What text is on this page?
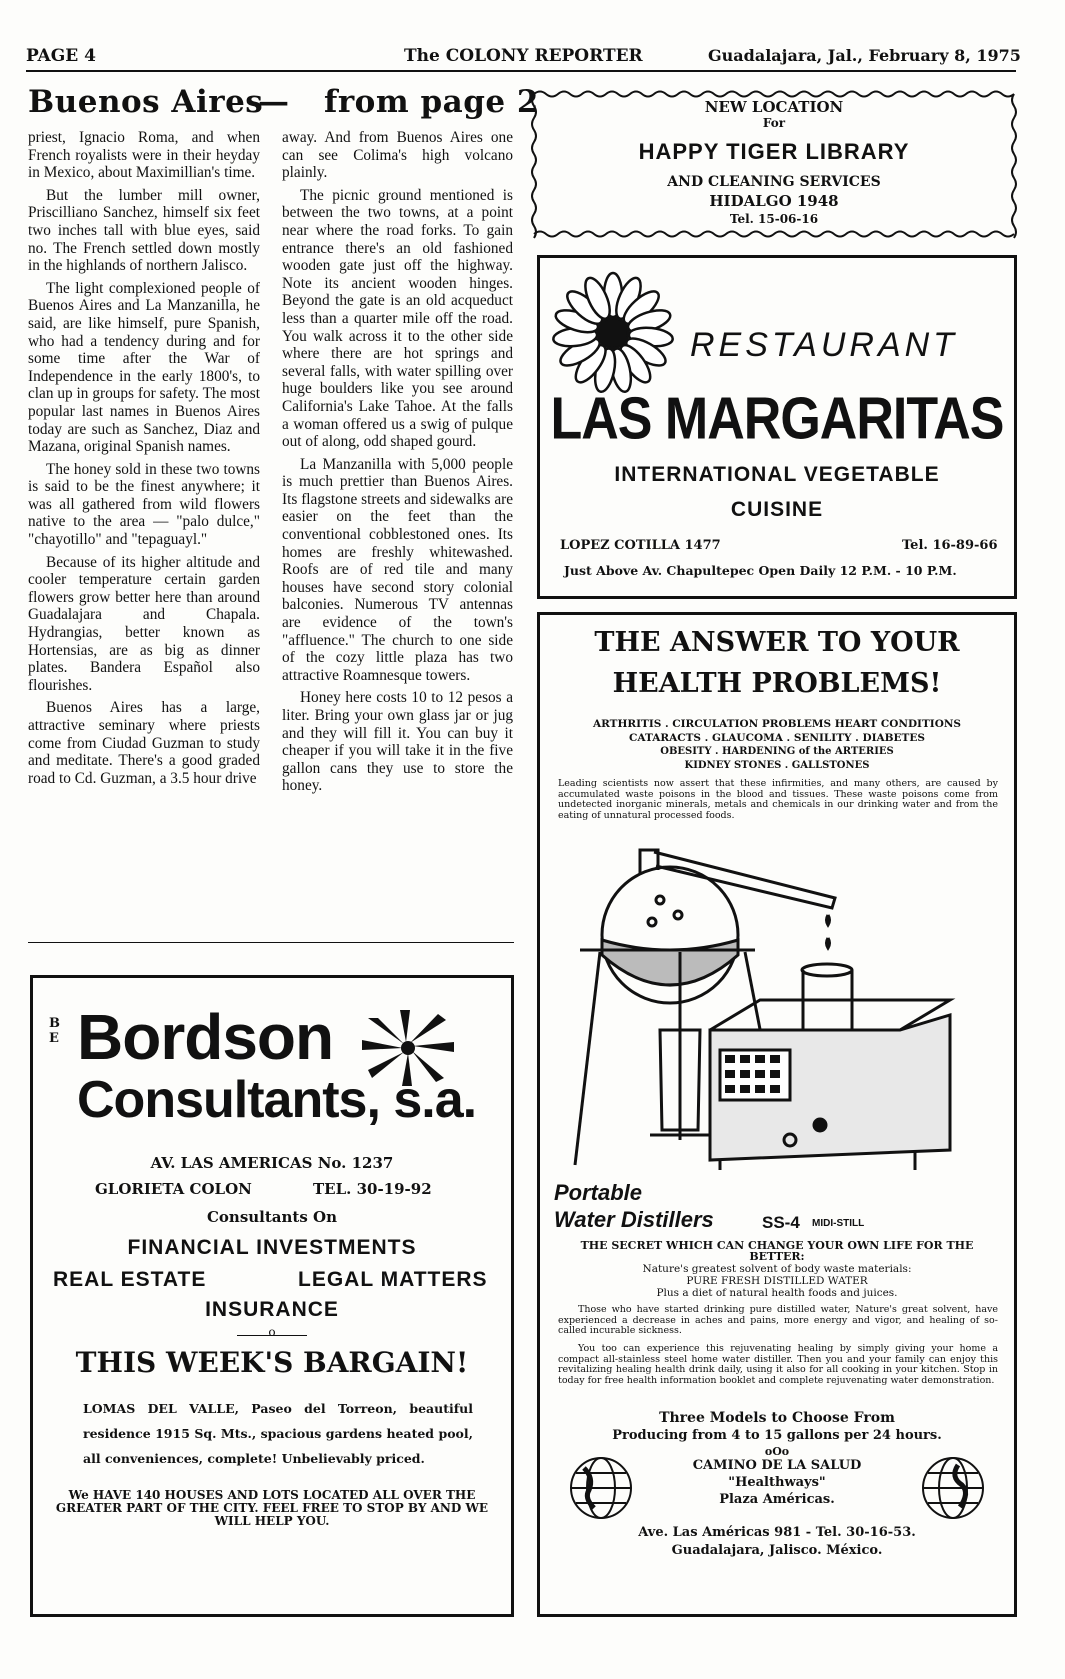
PAGE 4	The COLONY REPORTER	Guadalajara, Jal., February 8, 1975
Buenos Aires
— from page 2

priest, Ignacio Roma, and when French royalists were in their heyday in Mexico, about Maximillian's time.

But the lumber mill owner, Priscilliano Sanchez, himself six feet two inches tall with blue eyes, said no. The French settled down mostly in the highlands of northern Jalisco.

The light complexioned people of Buenos Aires and La Manzanilla, he said, are like himself, pure Spanish, who had a tendency during and for some time after the War of Independence in the early 1800's, to clan up in groups for safety. The most popular last names in Buenos Aires today are such as Sanchez, Diaz and Mazana, original Spanish names.

The honey sold in these two towns is said to be the finest anywhere; it was all gathered from wild flowers native to the area — "palo dulce," "chayotillo" and "tepaguayl."

Because of its higher altitude and cooler temperature certain garden flowers grow better here than around Guadalajara and Chapala. Hydrangias, better known as Hortensias, are as big as dinner plates. Bandera Español also flourishes.

Buenos Aires has a large, attractive seminary where priests come from Ciudad Guzman to study and meditate. There's a good graded road to Cd. Guzman, a 3.5 hour drive

away. And from Buenos Aires one can see Colima's high volcano plainly.

The picnic ground mentioned is between the two towns, at a point near where the road forks. To gain entrance there's an old fashioned wooden gate just off the highway. Note its ancient wooden hinges. Beyond the gate is an old acqueduct less than a quarter mile off the road. You walk across it to the other side where there are hot springs and several falls, with water spilling over huge boulders like you see around California's Lake Tahoe. At the falls a woman offered us a swig of pulque out of along, odd shaped gourd.

La Manzanilla with 5,000 people is much prettier than Buenos Aires. Its flagstone streets and sidewalks are easier on the feet than the conventional cobblestoned ones. Its homes are freshly whitewashed. Roofs are of red tile and many houses have second story colonial balconies. Numerous TV antennas are evidence of the town's "affluence." The church to one side of the cozy little plaza has two attractive Roamnesque towers.

Honey here costs 10 to 12 pesos a liter. Bring your own glass jar or jug and they will fill it. You can buy it cheaper if you will take it in the five gallon cans they use to store the honey.

NEW LOCATION
For
HAPPY TIGER LIBRARY
AND CLEANING SERVICES
HIDALGO 1948
Tel. 15-06-16
RESTAURANT
LAS MARGARITAS
INTERNATIONAL VEGETABLE
CUISINE
LOPEZ COTILLA 1477	Tel. 16-89-66
Just Above Av. Chapultepec Open Daily 12 P.M. - 10 P.M.
THE ANSWER TO YOUR
HEALTH PROBLEMS!
ARTHRITIS . CIRCULATION PROBLEMS HEART CONDITIONS
CATARACTS . GLAUCOMA . SENILITY . DIABETES
OBESITY . HARDENING of the ARTERIES
KIDNEY STONES . GALLSTONES
Leading scientists now assert that these infirmities, and many others, are caused by accumulated waste poisons in the blood and tissues. These waste poisons come from undetected inorganic minerals, metals and chemicals in our drinking water and from the eating of unnatural processed foods.
Portable
Water Distillers	SS-4 MIDI-STILL
THE SECRET WHICH CAN CHANGE YOUR OWN LIFE FOR THE BETTER:
Nature's greatest solvent of body waste materials:
PURE FRESH DISTILLED WATER
Plus a diet of natural health foods and juices.
Those who have started drinking pure distilled water, Nature's great solvent, have experienced a decrease in aches and pains, more energy and vigor, and healing of so-called incurable sickness.
You too can experience this rejuvenating healing by simply giving your home a compact all-stainless steel home water distiller. Then you and your family can enjoy this revitalizing healing health drink daily, using it also for all cooking in your kitchen. Stop in today for free health information booklet and complete rejuvenating water demonstration.
Three Models to Choose From
Producing from 4 to 15 gallons per 24 hours.
oOo
CAMINO DE LA SALUD
"Healthways"
Plaza Américas.
Ave. Las Américas 981 - Tel. 30-16-53.
Guadalajara, Jalisco. México.
B E Bordson
Consultants, s.a.
AV. LAS AMERICAS No. 1237
GLORIETA COLON	TEL. 30-19-92
Consultants On
FINANCIAL INVESTMENTS
REAL ESTATE	LEGAL MATTERS
INSURANCE
o
THIS WEEK'S BARGAIN!
LOMAS DEL VALLE, Paseo del Torreon, beautiful residence 1915 Sq. Mts., spacious gardens heated pool, all conveniences, complete! Unbelievably priced.
We HAVE 140 HOUSES AND LOTS LOCATED ALL OVER THE GREATER PART OF THE CITY. FEEL FREE TO STOP BY AND WE WILL HELP YOU.
